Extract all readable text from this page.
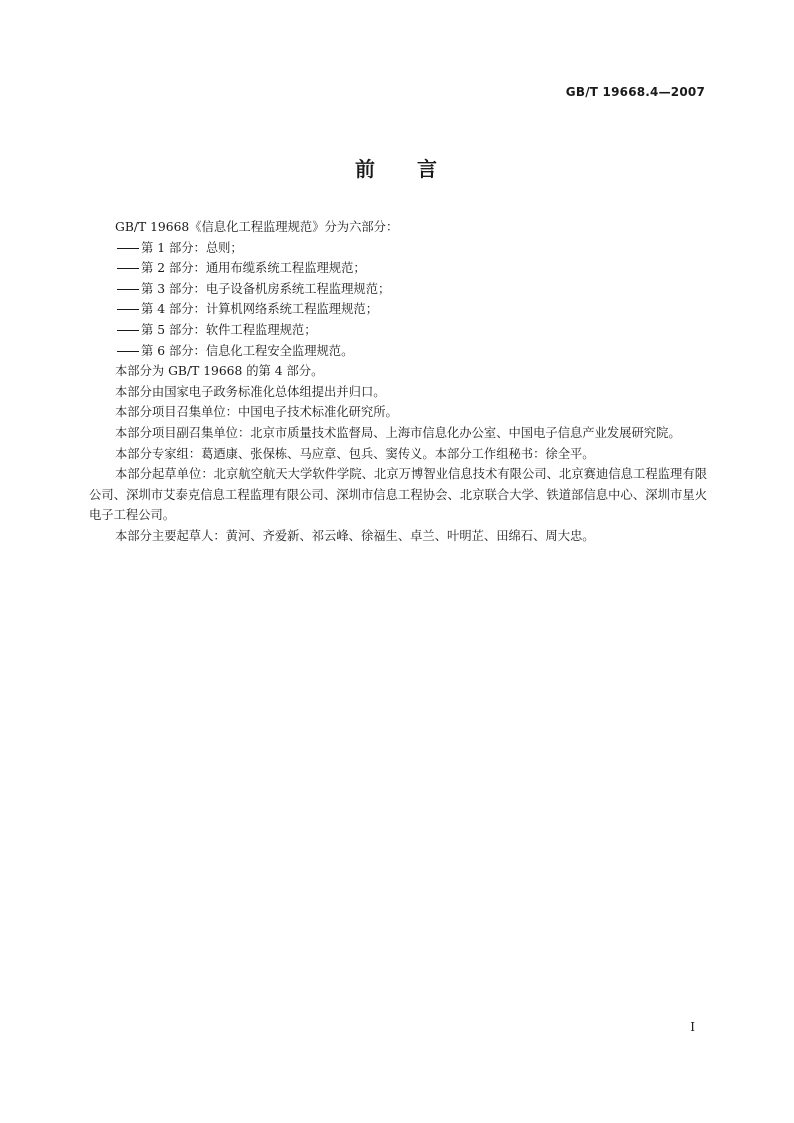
GB/T 19668.4—2007
前 言

GB/T 19668《信息化工程监理规范》分为六部分：

第 1 部分：总则；

第 2 部分：通用布缆系统工程监理规范；

第 3 部分：电子设备机房系统工程监理规范；

第 4 部分：计算机网络系统工程监理规范；

第 5 部分：软件工程监理规范；

第 6 部分：信息化工程安全监理规范。

本部分为 GB/T 19668 的第 4 部分。

本部分由国家电子政务标准化总体组提出并归口。

本部分项目召集单位：中国电子技术标准化研究所。

本部分项目副召集单位：北京市质量技术监督局、上海市信息化办公室、中国电子信息产业发展研究院。

本部分专家组：葛迺康、张保栋、马应章、包兵、窦传义。本部分工作组秘书：徐全平。

本部分起草单位：北京航空航天大学软件学院、北京万博智业信息技术有限公司、北京赛迪信息工程监理有限公司、深圳市艾泰克信息工程监理有限公司、深圳市信息工程协会、北京联合大学、铁道部信息中心、深圳市星火电子工程公司。

本部分主要起草人：黄河、齐爱新、祁云峰、徐福生、卓兰、叶明芷、田绵石、周大忠。

I
